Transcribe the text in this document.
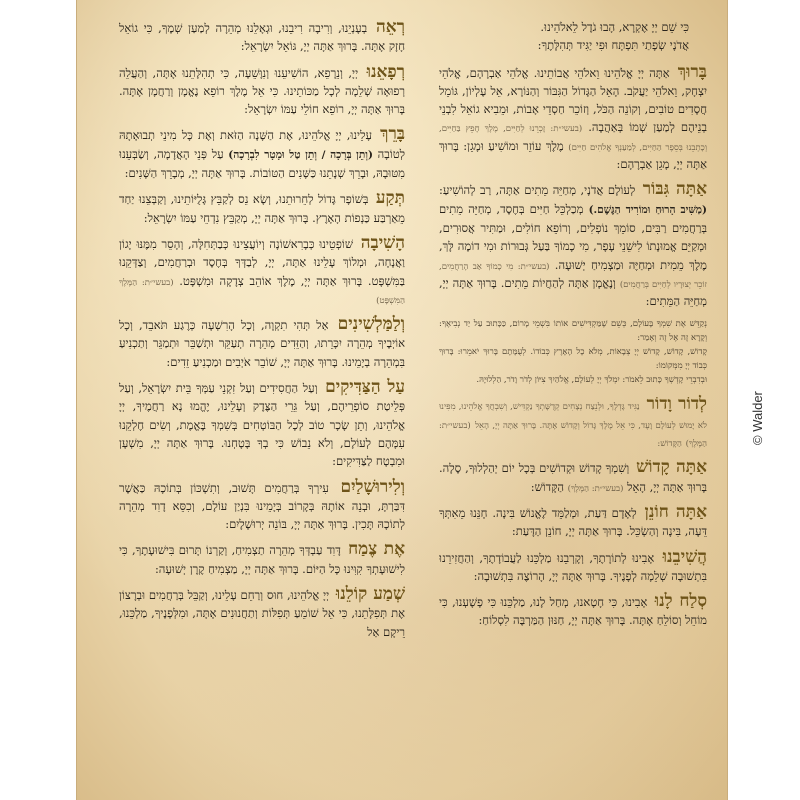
כִּי שֵׁם יְיָ אֶקְרָא, הָבוּ גֹדֶל לֵאלֹהֵינוּ.
אֲדֹנָי שְׂפָתַי תִּפְתָּח וּפִי יַגִּיד תְּהִלָּתֶךָ:

בָּרוּךְ אַתָּה יְיָ אֱלֹהֵינוּ וֵאלֹהֵי אֲבוֹתֵינוּ. אֱלֹהֵי אַבְרָהָם, אֱלֹהֵי יִצְחָק, וֵאלֹהֵי יַעֲקֹב. הָאֵל הַגָּדוֹל הַגִּבּוֹר וְהַנּוֹרָא, אֵל עֶלְיוֹן, גּוֹמֵל חֲסָדִים טוֹבִים, וְקוֹנֵה הַכֹּל, וְזוֹכֵר חַסְדֵי אָבוֹת, וּמֵבִיא גוֹאֵל לִבְנֵי בְנֵיהֶם לְמַעַן שְׁמוֹ בְּאַהֲבָה. (בעשי״ת: זָכְרֵנוּ לְחַיִּים, מֶלֶךְ חָפֵץ בַּחַיִּים, וְכָתְבֵנוּ בְּסֵפֶר הַחַיִּים, לְמַעַנְךָ אֱלֹהִים חַיִּים) מֶלֶךְ עוֹזֵר וּמוֹשִׁיעַ וּמָגֵן: בָּרוּךְ אַתָּה יְיָ, מָגֵן אַבְרָהָם:

אַתָּה גִּבּוֹר לְעוֹלָם אֲדֹנָי, מְחַיֵּה מֵתִים אַתָּה, רַב לְהוֹשִׁיעַ: (מַשִּׁיב הָרוּחַ וּמוֹרִיד הַגֶּשֶׁם.) מְכַלְכֵּל חַיִּים בְּחֶסֶד, מְחַיֵּה מֵתִים בְּרַחֲמִים רַבִּים, סוֹמֵךְ נוֹפְלִים, וְרוֹפֵא חוֹלִים, וּמַתִּיר אֲסוּרִים, וּמְקַיֵּם אֱמוּנָתוֹ לִישֵׁנֵי עָפָר, מִי כָמוֹךָ בַּעַל גְּבוּרוֹת וּמִי דוֹמֶה לָּךְ, מֶלֶךְ מֵמִית וּמְחַיֶּה וּמַצְמִיחַ יְשׁוּעָה. (בעשי״ת: מִי כָמוֹךָ אַב הָרַחֲמִים, זוֹכֵר יְצוּרָיו לְחַיִּים בְּרַחֲמִים) וְנֶאֱמָן אַתָּה לְהַחֲיוֹת מֵתִים. בָּרוּךְ אַתָּה יְיָ, מְחַיֵּה הַמֵּתִים:

נְקַדֵּשׁ אֶת שִׁמְךָ בָּעוֹלָם, כְּשֵׁם שֶׁמַּקְדִּישִׁים אוֹתוֹ בִּשְׁמֵי מָרוֹם, כַּכָּתוּב עַל יַד נְבִיאֶךָ: וְקָרָא זֶה אֶל זֶה וְאָמַר:
קָדוֹשׁ, קָדוֹשׁ, קָדוֹשׁ יְיָ צְבָאוֹת, מְלֹא כָל הָאָרֶץ כְּבוֹדוֹ. לְעֻמָּתָם בָּרוּךְ יֹאמֵרוּ: בָּרוּךְ כְּבוֹד יְיָ מִמְּקוֹמוֹ:
וּבְדִבְרֵי קָדְשְׁךָ כָּתוּב לֵאמֹר: יִמְלֹךְ יְיָ לְעוֹלָם, אֱלֹהַיִךְ צִיּוֹן לְדֹר וָדֹר, הַלְלוּיָהּ.

לְדוֹר וָדוֹר נַגִּיד גָּדְלֶךָ, וּלְנֵצַח נְצָחִים קְדֻשָּׁתְךָ נַקְדִּישׁ, וְשִׁבְחֲךָ אֱלֹהֵינוּ, מִפִּינוּ לֹא יָמוּשׁ לְעוֹלָם וָעֶד, כִּי אֵל מֶלֶךְ גָּדוֹל וְקָדוֹשׁ אָתָּה. בָּרוּךְ אַתָּה יְיָ, הָאֵל (בעשי״ת: הַמֶּלֶךְ) הַקָּדוֹשׁ:

אַתָּה קָדוֹשׁ וְשִׁמְךָ קָדוֹשׁ וּקְדוֹשִׁים בְּכָל יוֹם יְהַלְלוּךָ, סֶלָה. בָּרוּךְ אַתָּה יְיָ, הָאֵל (בעשי״ת: הַמֶּלֶךְ) הַקָּדוֹשׁ:

אַתָּה חוֹנֵן לְאָדָם דַּעַת, וּמְלַמֵּד לֶאֱנוֹשׁ בִּינָה. חָנֵּנוּ מֵאִתְּךָ דֵּעָה, בִּינָה וְהַשְׂכֵּל. בָּרוּךְ אַתָּה יְיָ, חוֹנֵן הַדָּעַת:

הֲשִׁיבֵנוּ אָבִינוּ לְתוֹרָתֶךָ, וְקָרְבֵנוּ מַלְכֵּנוּ לַעֲבוֹדָתֶךָ, וְהַחֲזִירֵנוּ בִּתְשׁוּבָה שְׁלֵמָה לְפָנֶיךָ. בָּרוּךְ אַתָּה יְיָ, הָרוֹצֶה בִּתְשׁוּבָה:

סְלַח לָנוּ אָבִינוּ, כִּי חָטָאנוּ, מְחַל לָנוּ, מַלְכֵּנוּ כִּי פָשָׁעְנוּ, כִּי מוֹחֵל וְסוֹלֵחַ אָתָּה. בָּרוּךְ אַתָּה יְיָ, חַנּוּן הַמַּרְבֶּה לִסְלוֹחַ:

רְאֵה בְעָנְיֵנוּ, וְרִיבָה רִיבֵנוּ, וּגְאָלֵנוּ מְהֵרָה לְמַעַן שְׁמֶךָ, כִּי גוֹאֵל חָזָק אָתָּה. בָּרוּךְ אַתָּה יְיָ, גּוֹאֵל יִשְׂרָאֵל:

רְפָאֵנוּ יְיָ, וְנֵרָפֵא, הוֹשִׁיעֵנוּ וְנִוָּשֵׁעָה, כִּי תְהִלָּתֵנוּ אָתָּה, וְהַעֲלֵה רְפוּאָה שְׁלֵמָה לְכָל מַכּוֹתֵינוּ. כִּי אֵל מֶלֶךְ רוֹפֵא נֶאֱמָן וְרַחֲמָן אָתָּה. בָּרוּךְ אַתָּה יְיָ, רוֹפֵא חוֹלֵי עַמּוֹ יִשְׂרָאֵל:

בָּרֵךְ עָלֵינוּ, יְיָ אֱלֹהֵינוּ, אֶת הַשָּׁנָה הַזֹּאת וְאֶת כָּל מִינֵי תְבוּאָתָהּ לְטוֹבָה (וְתֵן בְּרָכָה / וְתֵן טַל וּמָטָר לִבְרָכָה) עַל פְּנֵי הָאֲדָמָה, וְשַׂבְּעֵנוּ מִטּוּבָהּ, וּבָרֵךְ שְׁנָתֵנוּ כַּשָּׁנִים הַטּוֹבוֹת. בָּרוּךְ אַתָּה יְיָ, מְבָרֵךְ הַשָּׁנִים:

תְּקַע בְּשׁוֹפָר גָּדוֹל לְחֵרוּתֵנוּ, וְשָׂא נֵס לְקַבֵּץ גָּלֻיּוֹתֵינוּ, וְקַבְּצֵנוּ יַחַד מֵאַרְבַּע כַּנְפוֹת הָאָרֶץ. בָּרוּךְ אַתָּה יְיָ, מְקַבֵּץ נִדְחֵי עַמּוֹ יִשְׂרָאֵל:

הָשִׁיבָה שׁוֹפְטֵינוּ כְּבָרִאשׁוֹנָה וְיוֹעֲצֵינוּ כְּבַתְּחִלָּה, וְהָסֵר מִמֶּנּוּ יָגוֹן וַאֲנָחָה, וּמְלוֹךְ עָלֵינוּ אַתָּה, יְיָ, לְבַדְּךָ בְּחֶסֶד וּבְרַחֲמִים, וְצַדְּקֵנוּ בַּמִּשְׁפָּט. בָּרוּךְ אַתָּה יְיָ, מֶלֶךְ אוֹהֵב צְדָקָה וּמִשְׁפָּט. (בעשי״ת: הַמֶּלֶךְ הַמִּשְׁפָּט)

וְלַמַּלְשִׁינִים אַל תְּהִי תִקְוָה, וְכָל הָרִשְׁעָה כְּרֶגַע תֹּאבֵד, וְכָל אוֹיְבֶיךָ מְהֵרָה יִכָּרֵתוּ, וְהַזֵּדִים מְהֵרָה תְעַקֵּר וּתְשַׁבֵּר וּתְמַגֵּר וְתַכְנִיעַ בִּמְהֵרָה בְיָמֵינוּ. בָּרוּךְ אַתָּה יְיָ, שׁוֹבֵר אֹיְבִים וּמַכְנִיעַ זֵדִים:

עַל הַצַּדִּיקִים וְעַל הַחֲסִידִים וְעַל זִקְנֵי עַמְּךָ בֵּית יִשְׂרָאֵל, וְעַל פְּלֵיטַת סוֹפְרֵיהֶם, וְעַל גֵּרֵי הַצֶּדֶק וְעָלֵינוּ, יֶהֱמוּ נָא רַחֲמֶיךָ, יְיָ אֱלֹהֵינוּ, וְתֵן שָׂכָר טוֹב לְכָל הַבּוֹטְחִים בְּשִׁמְךָ בֶּאֱמֶת, וְשִׂים חֶלְקֵנוּ עִמָּהֶם לְעוֹלָם, וְלֹא נֵבוֹשׁ כִּי בְךָ בָּטָחְנוּ. בָּרוּךְ אַתָּה יְיָ, מִשְׁעָן וּמִבְטָח לַצַּדִּיקִים:

וְלִירוּשָׁלַיִם עִירְךָ בְּרַחֲמִים תָּשׁוּב, וְתִשְׁכּוֹן בְּתוֹכָהּ כַּאֲשֶׁר דִּבַּרְתָּ, וּבְנֵה אוֹתָהּ בְּקָרוֹב בְּיָמֵינוּ בִּנְיַן עוֹלָם, וְכִסֵּא דָוִד מְהֵרָה לְתוֹכָהּ תָּכִין. בָּרוּךְ אַתָּה יְיָ, בּוֹנֵה יְרוּשָׁלָיִם:

אֶת צֶמַח דָּוִד עַבְדְּךָ מְהֵרָה תַצְמִיחַ, וְקַרְנוֹ תָּרוּם בִּישׁוּעָתֶךָ, כִּי לִישׁוּעָתְךָ קִוִּינוּ כָּל הַיּוֹם. בָּרוּךְ אַתָּה יְיָ, מַצְמִיחַ קֶרֶן יְשׁוּעָה:

שְׁמַע קוֹלֵנוּ יְיָ אֱלֹהֵינוּ, חוּס וְרַחֵם עָלֵינוּ, וְקַבֵּל בְּרַחֲמִים וּבְרָצוֹן אֶת תְּפִלָּתֵנוּ, כִּי אֵל שׁוֹמֵעַ תְּפִלּוֹת וְתַחֲנוּנִים אָתָּה, וּמִלְּפָנֶיךָ, מַלְכֵּנוּ, רֵיקָם אַל

© Walder
